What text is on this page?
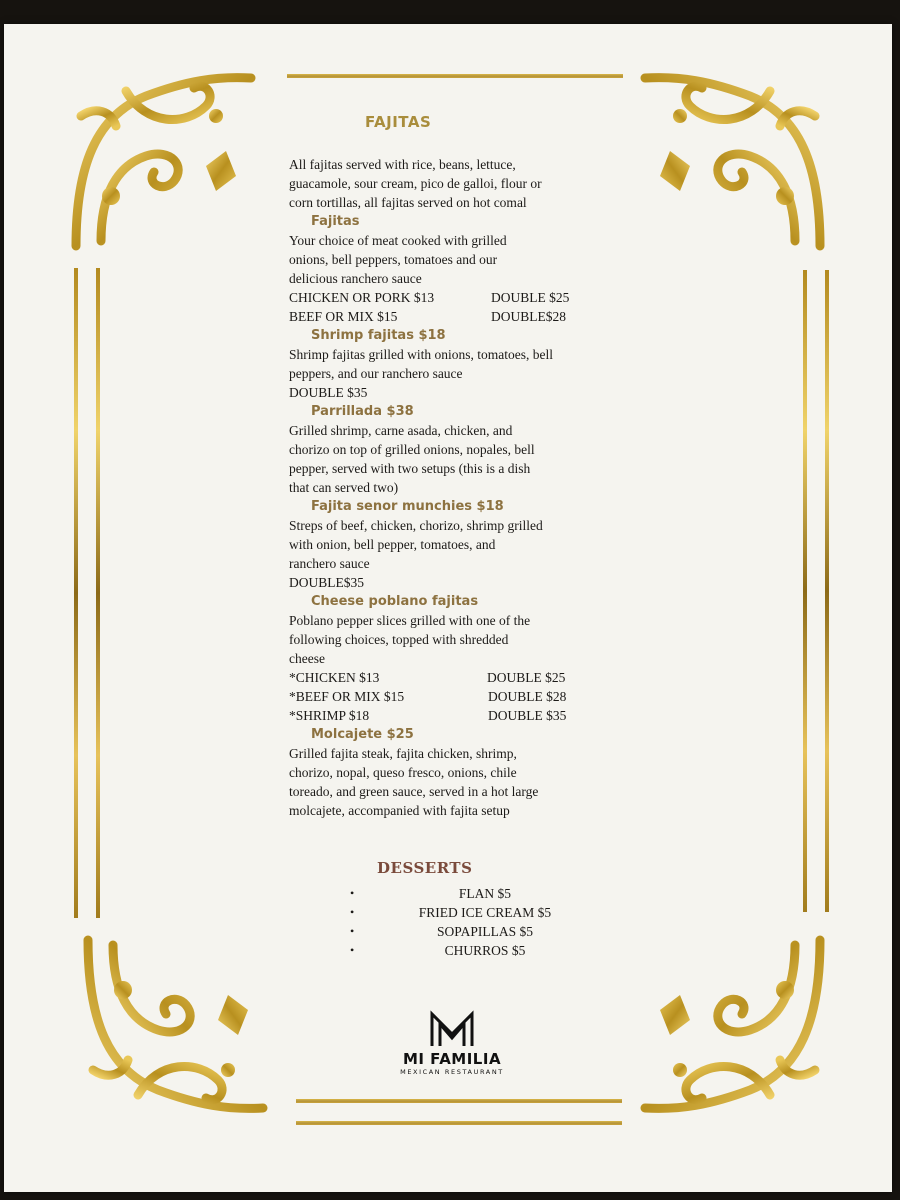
FAJITAS
All fajitas served with rice, beans, lettuce,
guacamole, sour cream, pico de galloi, flour or
corn tortillas, all fajitas served on hot comal
Fajitas
Your choice of meat cooked with grilled
onions, bell peppers, tomatoes and our
delicious ranchero sauce
CHICKEN OR PORK $13	DOUBLE $25
BEEF OR MIX $15	DOUBLE$28
Shrimp fajitas $18
Shrimp fajitas grilled with onions, tomatoes, bell
peppers, and our ranchero sauce
DOUBLE $35
Parrillada $38
Grilled shrimp, carne asada, chicken, and
chorizo on top of grilled onions, nopales, bell
pepper, served with two setups (this is a dish
that can served two)
Fajita senor munchies $18
Streps of beef, chicken, chorizo, shrimp grilled
with onion, bell pepper, tomatoes, and
ranchero sauce
DOUBLE$35
Cheese poblano fajitas
Poblano pepper slices grilled with one of the
following choices, topped with shredded
cheese
*CHICKEN $13	DOUBLE $25
*BEEF OR MIX $15	DOUBLE $28
*SHRIMP $18	DOUBLE $35
Molcajete $25
Grilled fajita steak, fajita chicken, shrimp,
chorizo, nopal, queso fresco, onions, chile
toreado, and green sauce, served in a hot large
molcajete, accompanied with fajita setup
DESSERTS
•	FLAN $5
•	FRIED ICE CREAM $5
•	SOPAPILLAS $5
•	CHURROS $5
MI FAMILIA
MEXICAN RESTAURANT
